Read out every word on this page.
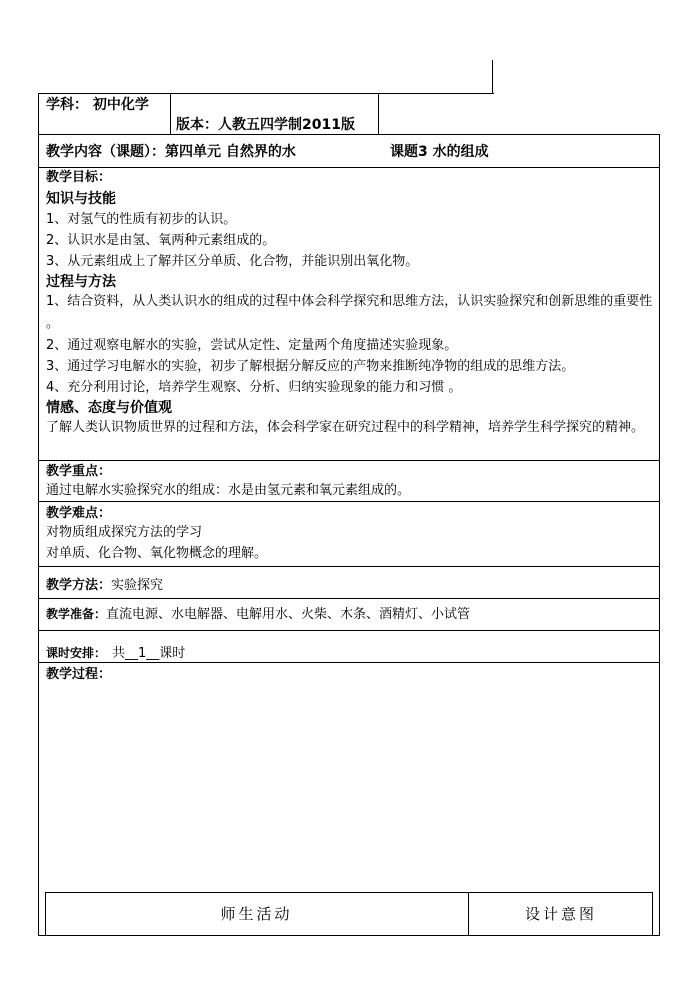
学科： 初中化学
版本：人教五四学制2011版
教学内容（课题）：第四单元 自然界的水	课题3 水的组成
教学目标：
知识与技能
1、对氢气的性质有初步的认识。
2、认识水是由氢、氧两种元素组成的。
3、从元素组成上了解并区分单质、化合物，并能识别出氧化物。
过程与方法
1、结合资料，从人类认识水的组成的过程中体会科学探究和思维方法，认识实验探究和创新思维的重要性 。
2、通过观察电解水的实验，尝试从定性、定量两个角度描述实验现象。
3、通过学习电解水的实验，初步了解根据分解反应的产物来推断纯净物的组成的思维方法。
4、充分利用讨论，培养学生观察、分析、归纳实验现象的能力和习惯 。
情感、态度与价值观
了解人类认识物质世界的过程和方法，体会科学家在研究过程中的科学精神，培养学生科学探究的精神。
教学重点：
通过电解水实验探究水的组成：水是由氢元素和氧元素组成的。
教学难点：
对物质组成探究方法的学习
对单质、化合物、氧化物概念的理解。
教学方法：实验探究
教学准备：直流电源、水电解器、电解用水、火柴、木条、酒精灯、小试管
课时安排： 共__1__课时
教学过程：
师生活动	设计意图
